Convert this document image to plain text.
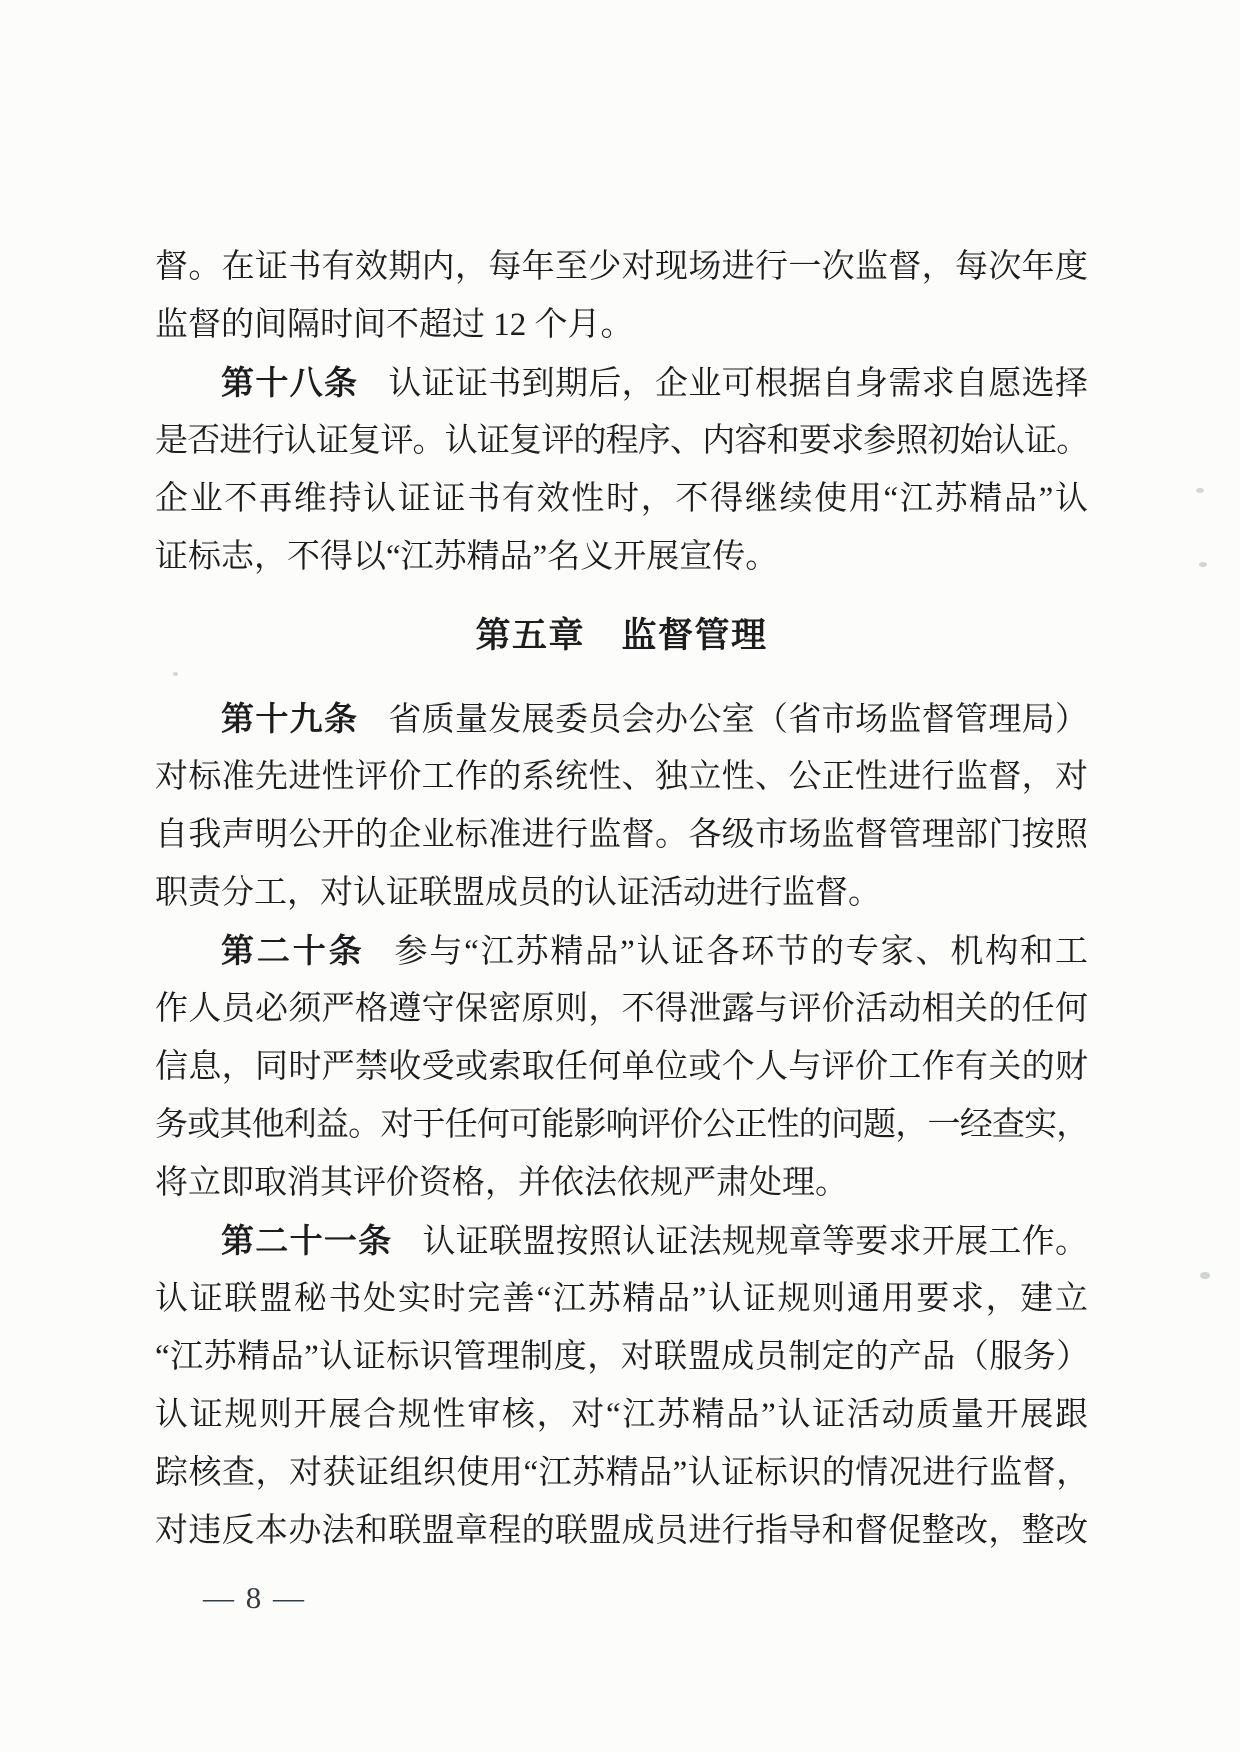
督。在证书有效期内，每年至少对现场进行一次监督，每次年度
监督的间隔时间不超过 12 个月。
第十八条 认证证书到期后，企业可根据自身需求自愿选择
是否进行认证复评。认证复评的程序、内容和要求参照初始认证。
企业不再维持认证证书有效性时，不得继续使用“江苏精品”认
证标志，不得以“江苏精品”名义开展宣传。
第五章　监督管理
第十九条 省质量发展委员会办公室（省市场监督管理局）
对标准先进性评价工作的系统性、独立性、公正性进行监督，对
自我声明公开的企业标准进行监督。各级市场监督管理部门按照
职责分工，对认证联盟成员的认证活动进行监督。
第二十条 参与“江苏精品”认证各环节的专家、机构和工
作人员必须严格遵守保密原则，不得泄露与评价活动相关的任何
信息，同时严禁收受或索取任何单位或个人与评价工作有关的财
务或其他利益。对于任何可能影响评价公正性的问题，一经查实，
将立即取消其评价资格，并依法依规严肃处理。
第二十一条 认证联盟按照认证法规规章等要求开展工作。
认证联盟秘书处实时完善“江苏精品”认证规则通用要求，建立
“江苏精品”认证标识管理制度，对联盟成员制定的产品（服务）
认证规则开展合规性审核，对“江苏精品”认证活动质量开展跟
踪核查，对获证组织使用“江苏精品”认证标识的情况进行监督，
对违反本办法和联盟章程的联盟成员进行指导和督促整改，整改
— 8 —
